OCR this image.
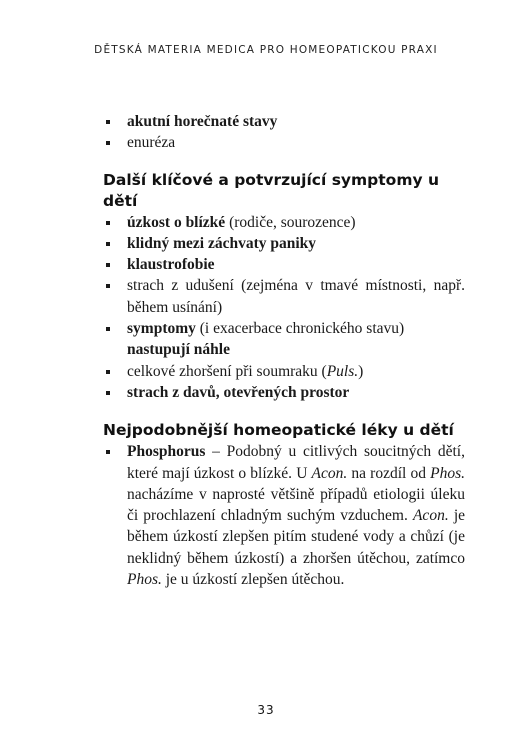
DĚTSKÁ MATERIA MEDICA PRO HOMEOPATICKOU PRAXI
akutní horečnaté stavy
enuréza
Další klíčové a potvrzující symptomy u dětí
úzkost o blízké (rodiče, sourozence)
klidný mezi záchvaty paniky
klaustrofobie
strach z udušení (zejména v tmavé místnosti, např. během usínání)
symptomy (i exacerbace chronického stavu) nastupují náhle
celkové zhoršení při soumraku (Puls.)
strach z davů, otevřených prostor
Nejpodobnější homeopatické léky u dětí
Phosphorus – Podobný u citlivých soucitných dětí, které mají úzkost o blízké. U Acon. na rozdíl od Phos. nacházíme v naprosté většině případů etiologii úleku či prochlazení chladným suchým vzduchem. Acon. je během úzkostí zlepšen pitím studené vody a chůzí (je neklidný během úzkostí) a zhoršen útěchou, zatímco Phos. je u úzkostí zlepšen útěchou.
33
